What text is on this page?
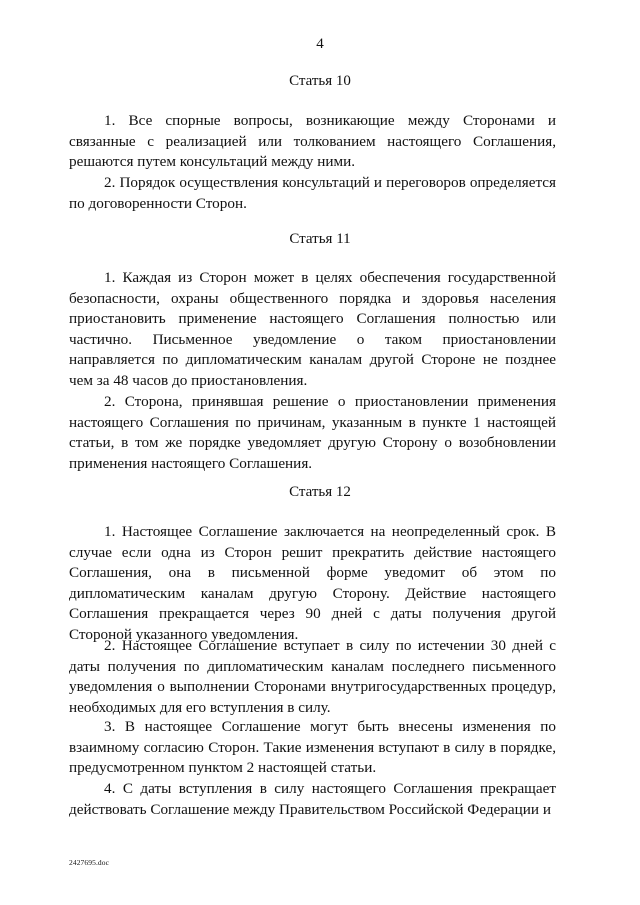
4
Статья 10

1. Все спорные вопросы, возникающие между Сторонами и связанные с реализацией или толкованием настоящего Соглашения, решаются путем консультаций между ними.

2. Порядок осуществления консультаций и переговоров определяется по договоренности Сторон.

Статья 11

1. Каждая из Сторон может в целях обеспечения государственной безопасности, охраны общественного порядка и здоровья населения приостановить применение настоящего Соглашения полностью или частично. Письменное уведомление о таком приостановлении направляется по дипломатическим каналам другой Стороне не позднее чем за 48 часов до приостановления.

2. Сторона, принявшая решение о приостановлении применения настоящего Соглашения по причинам, указанным в пункте 1 настоящей статьи, в том же порядке уведомляет другую Сторону о возобновлении применения настоящего Соглашения.

Статья 12

1. Настоящее Соглашение заключается на неопределенный срок. В случае если одна из Сторон решит прекратить действие настоящего Соглашения, она в письменной форме уведомит об этом по дипломатическим каналам другую Сторону. Действие настоящего Соглашения прекращается через 90 дней с даты получения другой Стороной указанного уведомления.

2. Настоящее Соглашение вступает в силу по истечении 30 дней с даты получения по дипломатическим каналам последнего письменного уведомления о выполнении Сторонами внутригосударственных процедур, необходимых для его вступления в силу.

3. В настоящее Соглашение могут быть внесены изменения по взаимному согласию Сторон. Такие изменения вступают в силу в порядке, предусмотренном пунктом 2 настоящей статьи.

4. С даты вступления в силу настоящего Соглашения прекращает действовать Соглашение между Правительством Российской Федерации и

2427695.doc
